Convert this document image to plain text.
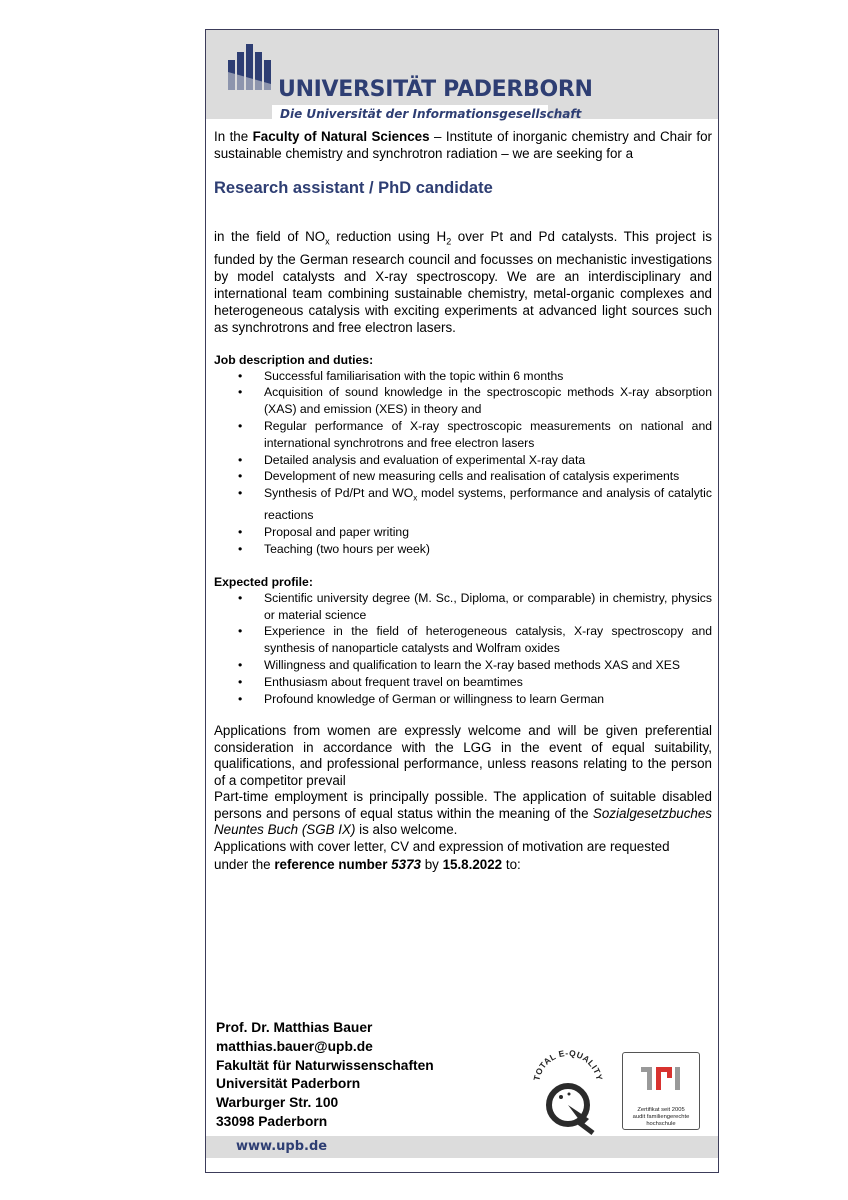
UNIVERSITÄT PADERBORN
Die Universität der Informationsgesellschaft

In the Faculty of Natural Sciences – Institute of inorganic chemistry and Chair for sustainable chemistry and synchrotron radiation – we are seeking for a

Research assistant / PhD candidate

in the field of $NO_x$ reduction using $H_2$ over Pt and Pd catalysts. This project is funded by the German research council and focusses on mechanistic investigations by model catalysts and X-ray spectroscopy. We are an interdisciplinary and international team combining sustainable chemistry, metal-organic complexes and heterogeneous catalysis with exciting experiments at advanced light sources such as synchrotrons and free electron lasers.

Job description and duties:

• Successful familiarisation with the topic within 6 months
• Acquisition of sound knowledge in the spectroscopic methods X-ray absorption (XAS) and emission (XES) in theory and
• Regular performance of X-ray spectroscopic measurements on national and international synchrotrons and free electron lasers
• Detailed analysis and evaluation of experimental X-ray data
• Development of new measuring cells and realisation of catalysis experiments
• Synthesis of Pd/Pt and $WO_x$ model systems, performance and analysis of catalytic reactions
• Proposal and paper writing
• Teaching (two hours per week)

Expected profile:

• Scientific university degree (M. Sc., Diploma, or comparable) in chemistry, physics or material science
• Experience in the field of heterogeneous catalysis, X-ray spectroscopy and synthesis of nanoparticle catalysts and Wolfram oxides
• Willingness and qualification to learn the X-ray based methods XAS and XES
• Enthusiasm about frequent travel on beamtimes
• Profound knowledge of German or willingness to learn German

Applications from women are expressly welcome and will be given preferential consideration in accordance with the LGG in the event of equal suitability, qualifications, and professional performance, unless reasons relating to the person of a competitor prevail

Part-time employment is principally possible. The application of suitable disabled persons and persons of equal status within the meaning of the Sozialgesetzbuches Neuntes Buch (SGB IX) is also welcome.

Applications with cover letter, CV and expression of motivation are requested

under the reference number 5373 by 15.8.2022 to:

Prof. Dr. Matthias Bauer
matthias.bauer@upb.de
Fakultät für Naturwissenschaften
Universität Paderborn
Warburger Str. 100
33098 Paderborn
TOTAL E-QUALITY
Zertifikat seit 2005
audit familiengerechte
hochschule
www.upb.de
